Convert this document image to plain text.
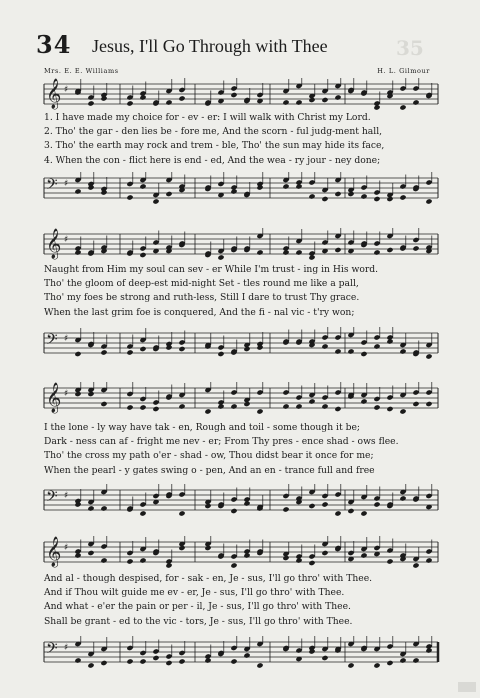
34 Jesus, I'll Go Through with Thee	35
Mrs. E. E. Williams	H. L. Gilmour
𝄞 ♯
1. I have made my choice for - ev - er: I will walk with Christ my Lord.
2. Tho' the gar - den lies be - fore me, And the scorn - ful judg-ment hall,
3. Tho' the earth may rock and trem - ble, Tho' the sun may hide its face,
4. When the con - flict here is end - ed, And the wea - ry jour - ney done;
𝄢 ♯
𝄞 ♯
Naught from Him my soul can sev - er While I'm trust - ing in His word.
Tho' the gloom of deep-est mid-night Set - tles round me like a pall,
Tho' my foes be strong and ruth-less, Still I dare to trust Thy grace.
When the last grim foe is conquered, And the fi - nal vic - t'ry won;
𝄢 ♯
𝄞 ♯
I the lone - ly way have tak - en, Rough and toil - some though it be;
Dark - ness can af - fright me nev - er; From Thy pres - ence shad - ows flee.
Tho' the cross my path o'er - shad - ow, Thou didst bear it once for me;
When the pearl - y gates swing o - pen, And an en - trance full and free
𝄢 ♯
𝄞 ♯
And al - though despised, for - sak - en, Je - sus, I'll go thro' with Thee.
And if Thou wilt guide me ev - er, Je - sus, I'll go thro' with Thee.
And what - e'er the pain or per - il, Je - sus, I'll go thro' with Thee.
Shall be grant - ed to the vic - tors, Je - sus, I'll go thro' with Thee.
𝄢 ♯
